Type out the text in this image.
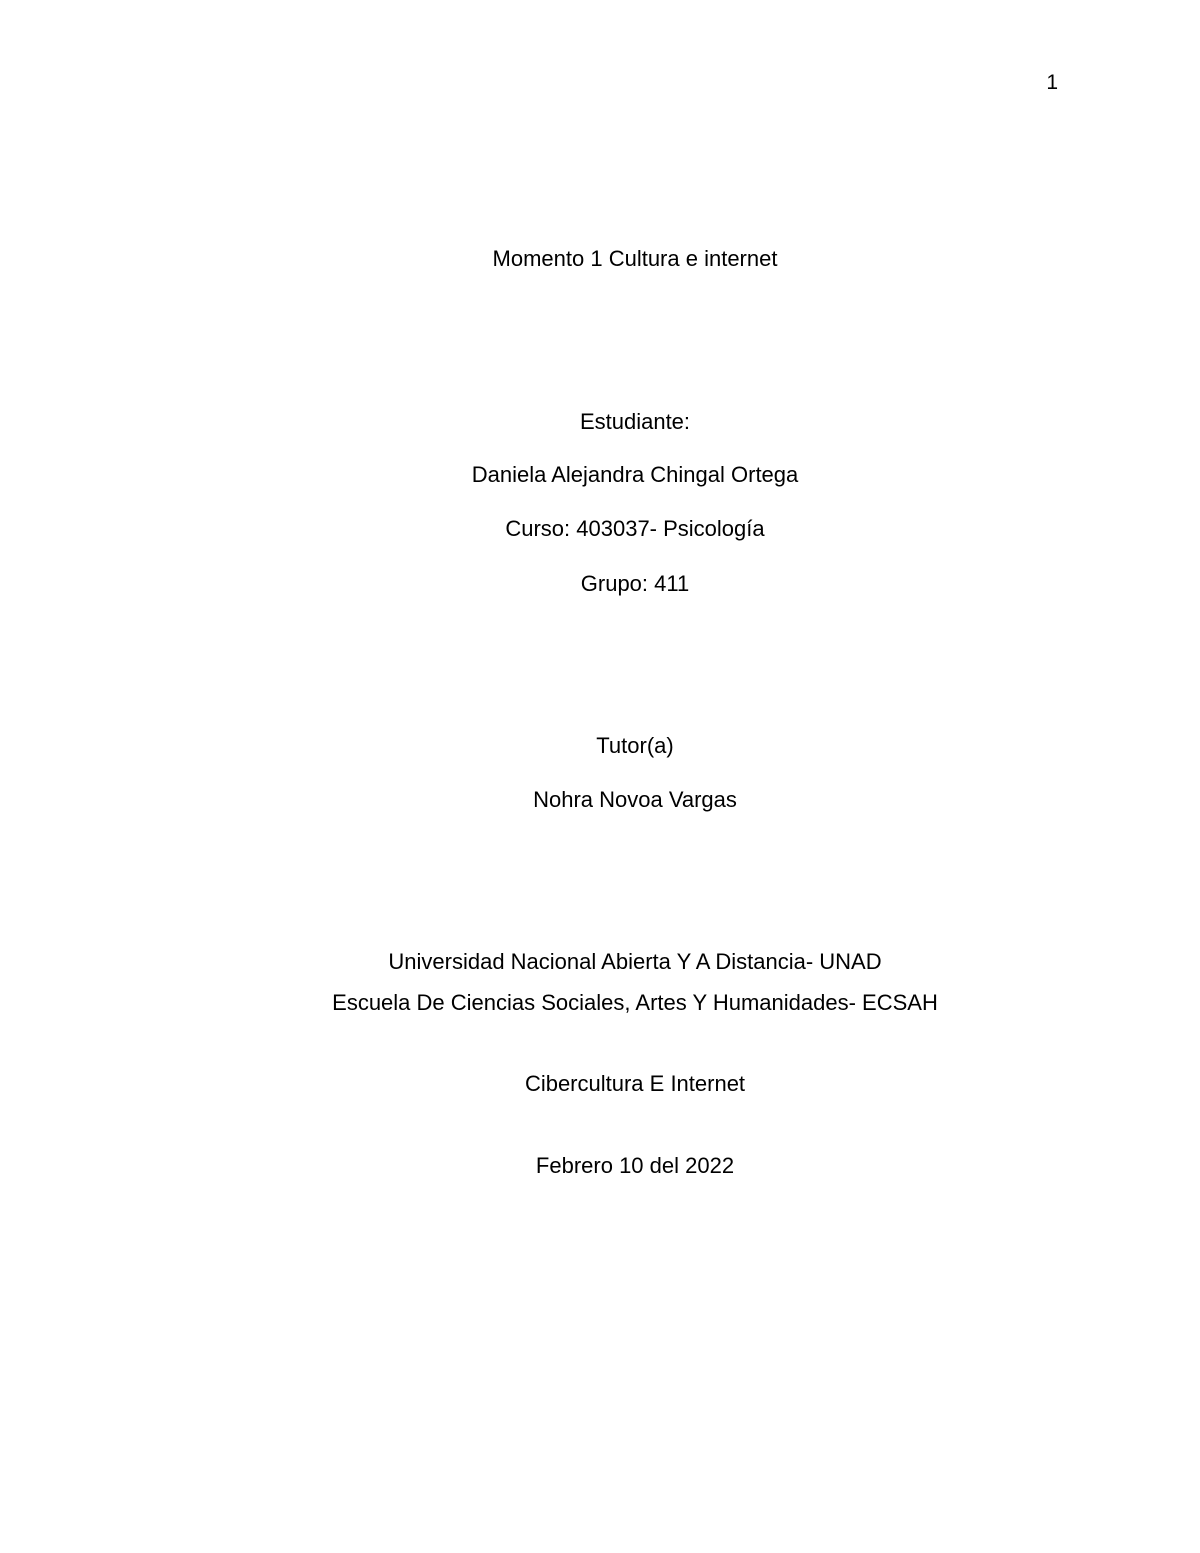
1
Momento 1 Cultura e internet
Estudiante:
Daniela Alejandra Chingal Ortega
Curso: 403037- Psicología
Grupo: 411
Tutor(a)
Nohra Novoa Vargas
Universidad Nacional Abierta Y A Distancia- UNAD
Escuela De Ciencias Sociales, Artes Y Humanidades- ECSAH
Cibercultura E Internet
Febrero 10 del 2022
